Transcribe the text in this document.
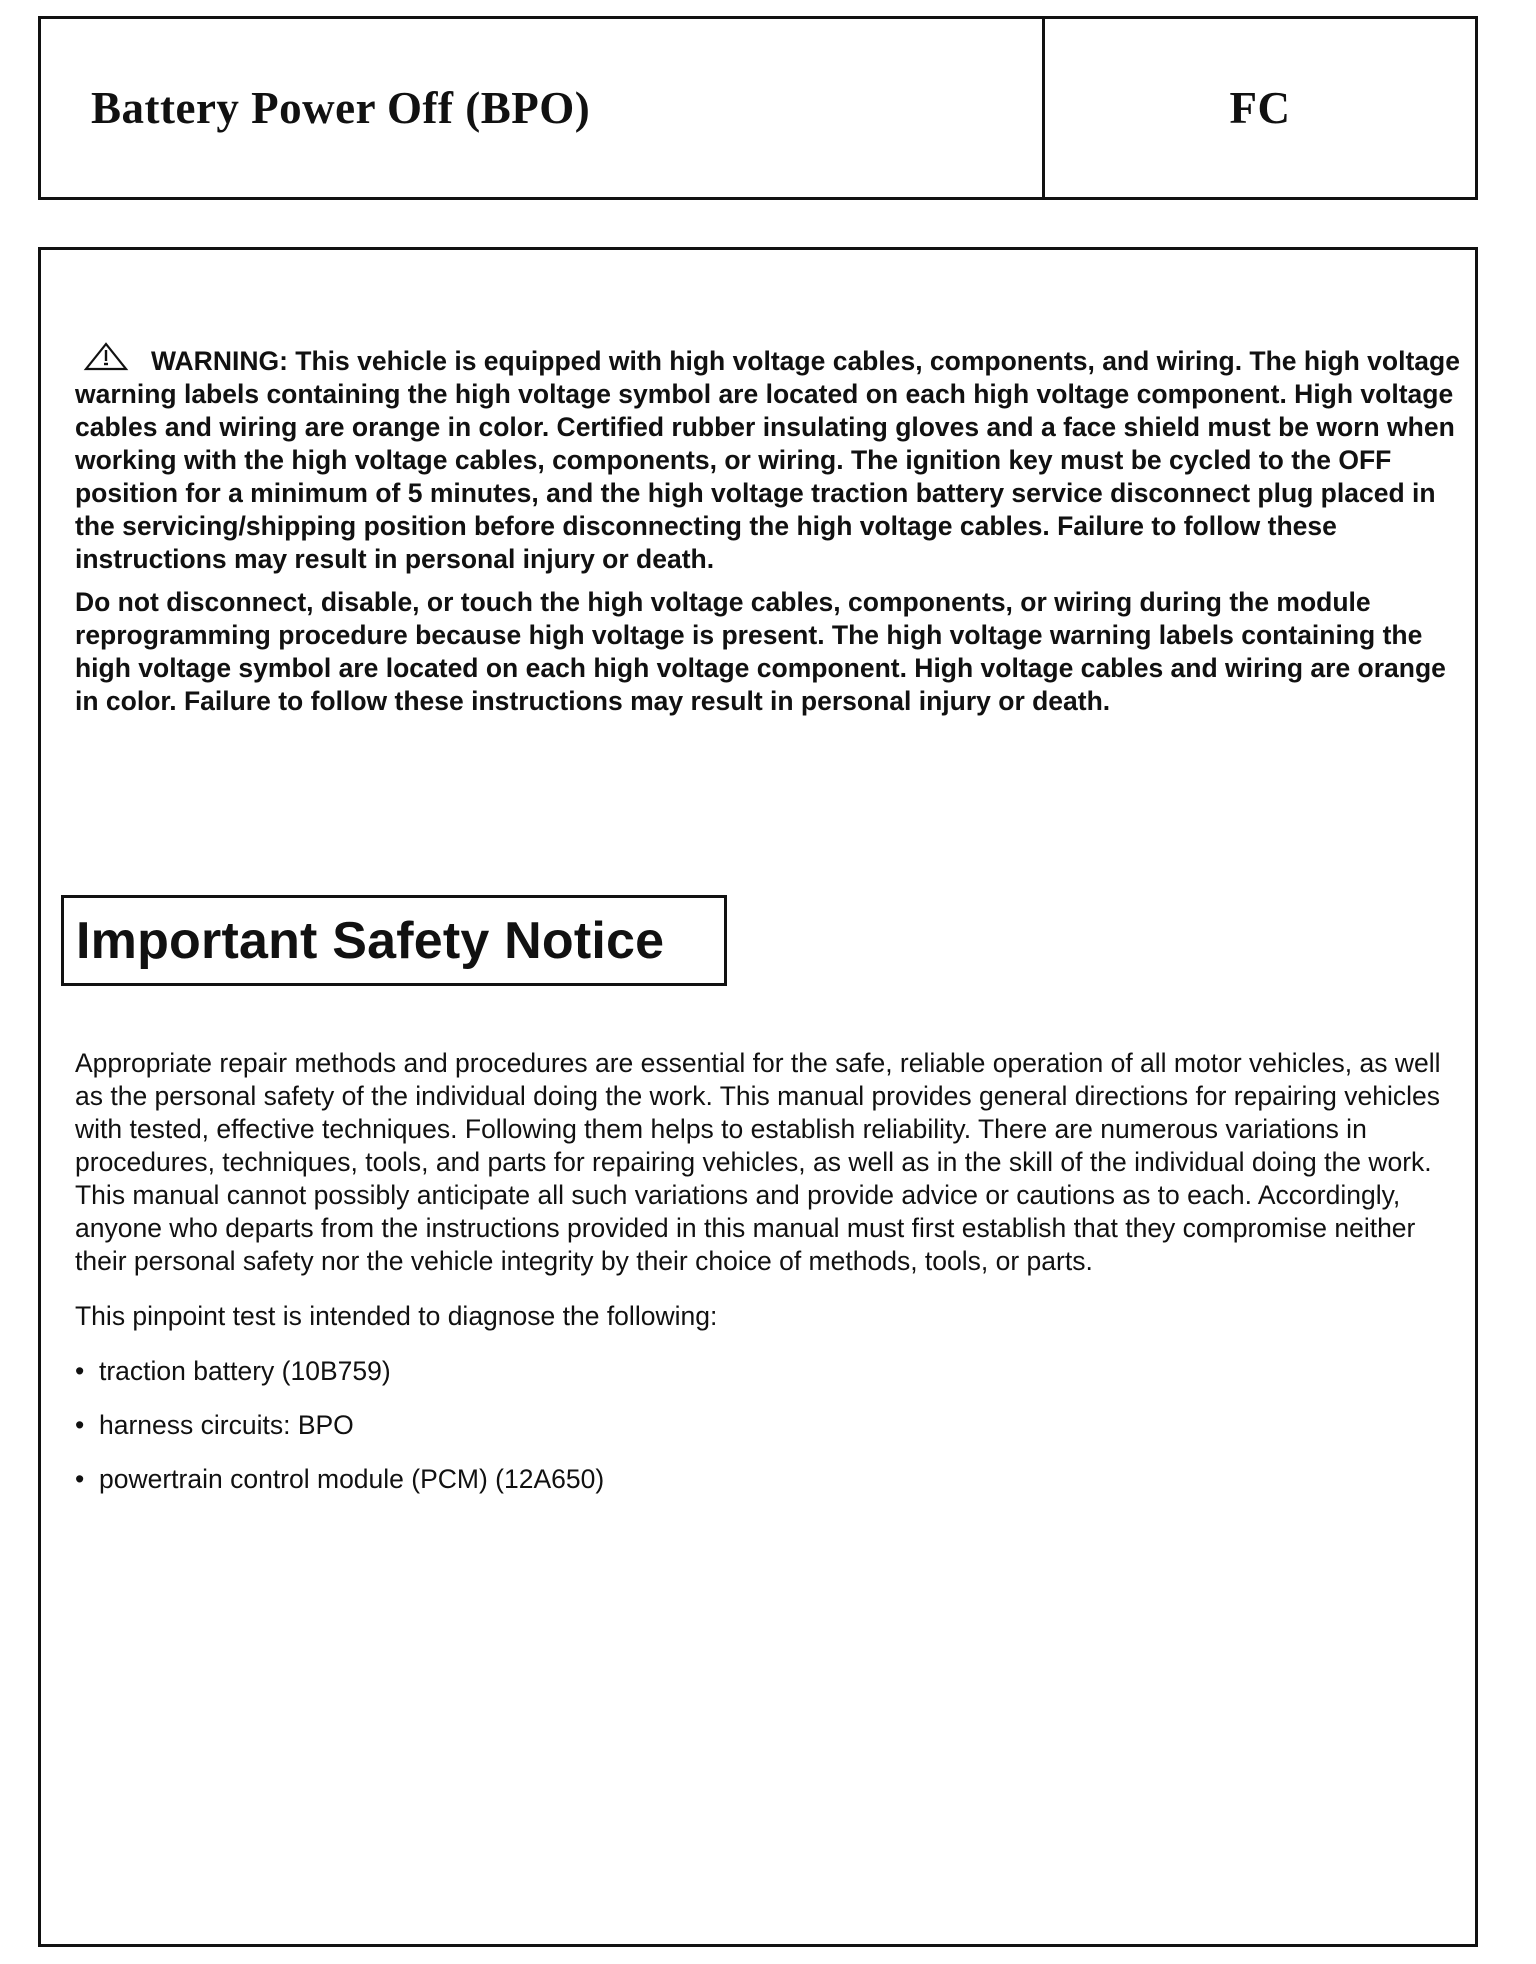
Battery Power Off (BPO)	FC

WARNING: This vehicle is equipped with high voltage cables, components, and wiring. The high voltage warning labels containing the high voltage symbol are located on each high voltage component. High voltage cables and wiring are orange in color. Certified rubber insulating gloves and a face shield must be worn when working with the high voltage cables, components, or wiring. The ignition key must be cycled to the OFF position for a minimum of 5 minutes, and the high voltage traction battery service disconnect plug placed in the servicing/shipping position before disconnecting the high voltage cables. Failure to follow these instructions may result in personal injury or death.

Do not disconnect, disable, or touch the high voltage cables, components, or wiring during the module reprogramming procedure because high voltage is present. The high voltage warning labels containing the high voltage symbol are located on each high voltage component. High voltage cables and wiring are orange in color. Failure to follow these instructions may result in personal injury or death.

Important Safety Notice

Appropriate repair methods and procedures are essential for the safe, reliable operation of all motor vehicles, as well as the personal safety of the individual doing the work. This manual provides general directions for repairing vehicles with tested, effective techniques. Following them helps to establish reliability. There are numerous variations in procedures, techniques, tools, and parts for repairing vehicles, as well as in the skill of the individual doing the work. This manual cannot possibly anticipate all such variations and provide advice or cautions as to each. Accordingly, anyone who departs from the instructions provided in this manual must first establish that they compromise neither their personal safety nor the vehicle integrity by their choice of methods, tools, or parts.

This pinpoint test is intended to diagnose the following:

• traction battery (10B759)
• harness circuits: BPO
• powertrain control module (PCM) (12A650)
